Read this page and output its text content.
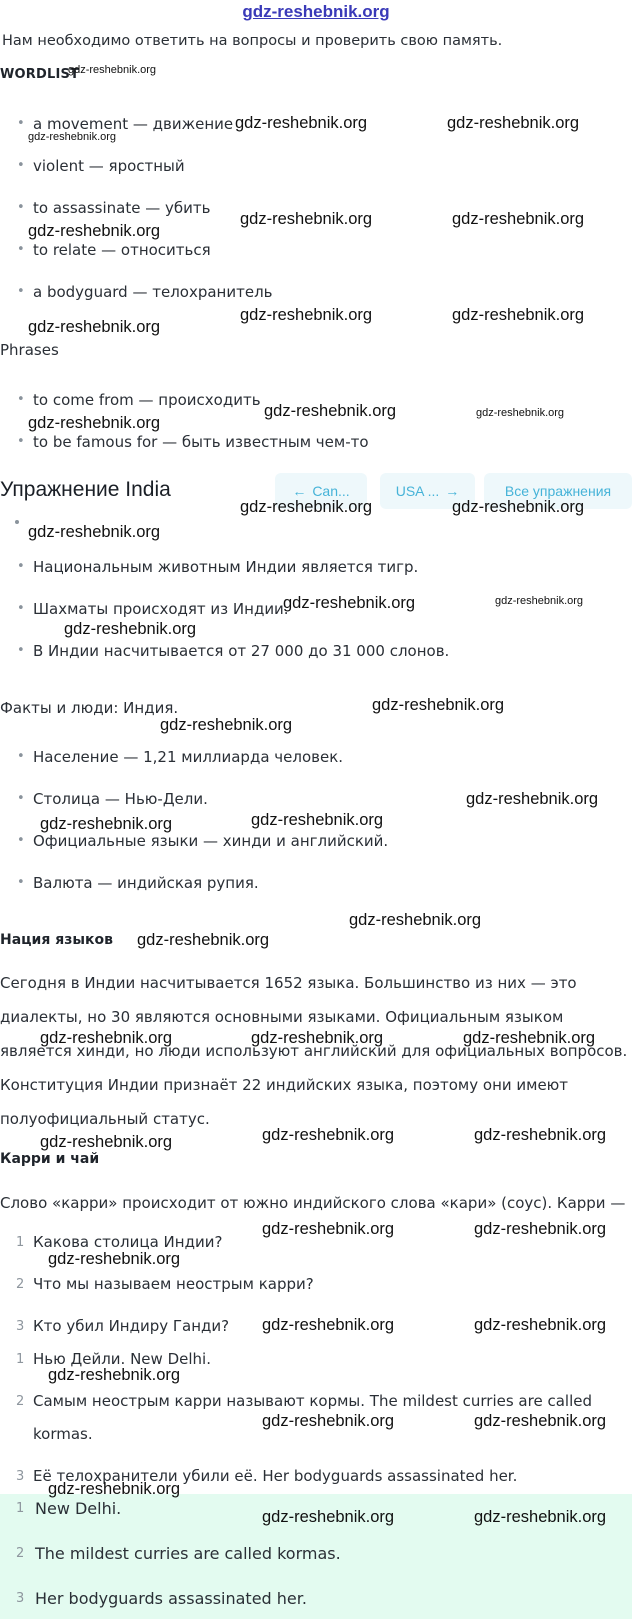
gdz-reshebnik.org
Нам необходимо ответить на вопросы и проверить свою память.
WORDLIST
• a movement — движение
• violent — яростный
• to assassinate — убить
• to relate — относиться
• a bodyguard — телохранитель
Phrases
• to come from — происходить
• to be famous for — быть известным чем-то
Упражнение India	← Can...	USA ... →	Все упражнения
• Национальным животным Индии является тигр.
• Шахматы происходят из Индии.
• В Индии насчитывается от 27 000 до 31 000 слонов.
Факты и люди: Индия.
• Население — 1,21 миллиарда человек.
• Столица — Нью-Дели.
• Официальные языки — хинди и английский.
• Валюта — индийская рупия.
Нация языков
Сегодня в Индии насчитывается 1652 языка. Большинство из них — это
диалекты, но 30 являются основными языками. Официальным языком
является хинди, но люди используют английский для официальных вопросов.
Конституция Индии признаёт 22 индийских языка, поэтому они имеют
полуофициальный статус.
Карри и чай
Слово «карри» происходит от южно индийского слова «кари» (соус). Карри —
1 Какова столица Индии?
2 Что мы называем неострым карри?
3 Кто убил Индиру Ганди?
1 Нью Дейли. New Delhi.
2 Самым неострым карри называют кормы. The mildest curries are called
kormas.
3 Её телохранители убили её. Her bodyguards assassinated her.
1 New Delhi.
2 The mildest curries are called kormas.
3 Her bodyguards assassinated her.
gdz-reshebnik.org
gdz-reshebnik.org
gdz-reshebnik.org	gdz-reshebnik.org
gdz-reshebnik.org
gdz-reshebnik.org	gdz-reshebnik.org
gdz-reshebnik.org
gdz-reshebnik.org	gdz-reshebnik.org
gdz-reshebnik.org
gdz-reshebnik.org	gdz-reshebnik.org
gdz-reshebnik.org	gdz-reshebnik.org
gdz-reshebnik.org
gdz-reshebnik.org	gdz-reshebnik.org
gdz-reshebnik.org
gdz-reshebnik.org
gdz-reshebnik.org
gdz-reshebnik.org
gdz-reshebnik.org	gdz-reshebnik.org
gdz-reshebnik.org
gdz-reshebnik.org
gdz-reshebnik.org	gdz-reshebnik.org	gdz-reshebnik.org
gdz-reshebnik.org	gdz-reshebnik.org	gdz-reshebnik.org
gdz-reshebnik.org
gdz-reshebnik.org	gdz-reshebnik.org
gdz-reshebnik.org
gdz-reshebnik.org	gdz-reshebnik.org
gdz-reshebnik.org
gdz-reshebnik.org	gdz-reshebnik.org
gdz-reshebnik.org	gdz-reshebnik.org
